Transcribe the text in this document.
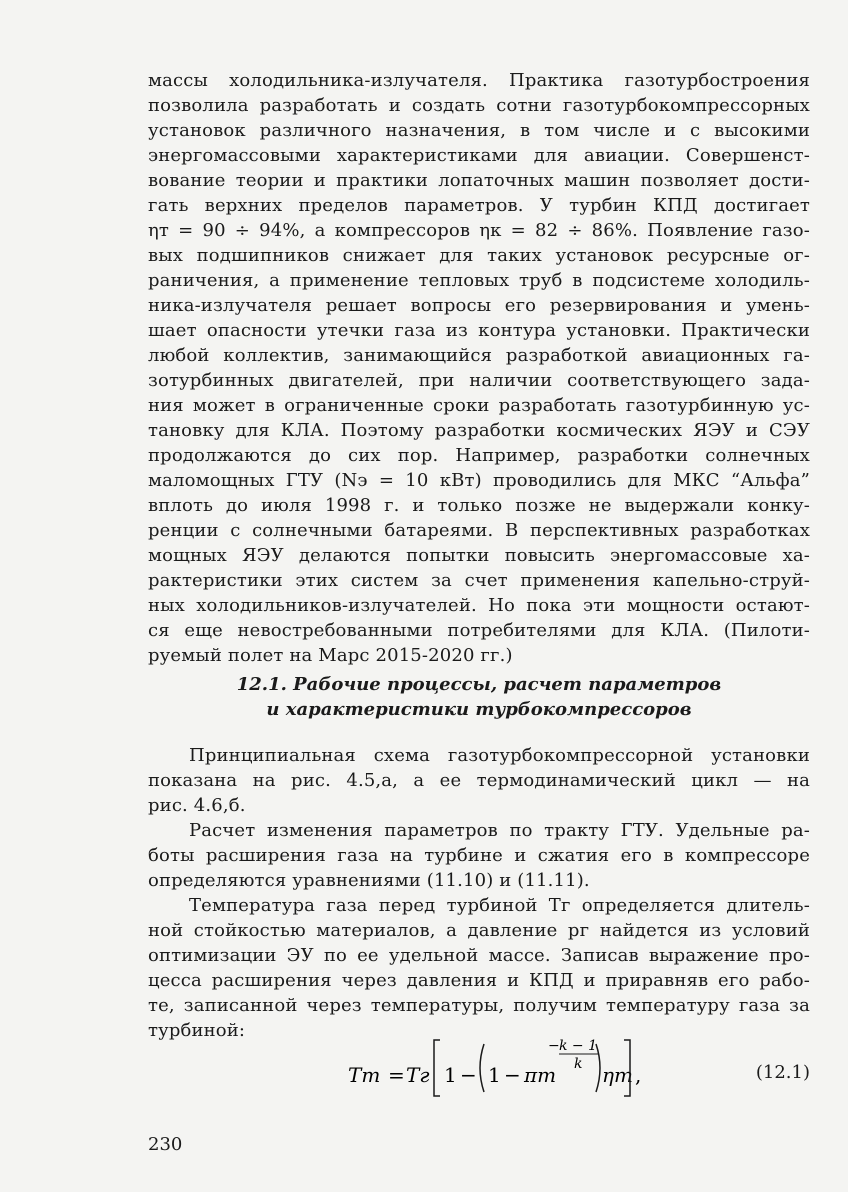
массы холодильника-излучателя. Практика газотурбостроения
позволила разработать и создать сотни газотурбокомпрессорных
установок различного назначения, в том числе и с высокими
энергомассовыми характеристиками для авиации. Совершенст-
вование теории и практики лопаточных машин позволяет дости-
гать верхних пределов параметров. У турбин КПД достигает
ηт = 90 ÷ 94%, а компрессоров ηк = 82 ÷ 86%. Появление газо-
вых подшипников снижает для таких установок ресурсные ог-
раничения, а применение тепловых труб в подсистеме холодиль-
ника-излучателя решает вопросы его резервирования и умень-
шает опасности утечки газа из контура установки. Практически
любой коллектив, занимающийся разработкой авиационных га-
зотурбинных двигателей, при наличии соответствующего зада-
ния может в ограниченные сроки разработать газотурбинную ус-
тановку для КЛА. Поэтому разработки космических ЯЭУ и СЭУ
продолжаются до сих пор. Например, разработки солнечных
маломощных ГТУ (Nэ = 10 кВт) проводились для МКС “Альфа”
вплоть до июля 1998 г. и только позже не выдержали конку-
ренции с солнечными батареями. В перспективных разработках
мощных ЯЭУ делаются попытки повысить энергомассовые ха-
рактеристики этих систем за счет применения капельно-струй-
ных холодильников-излучателей. Но пока эти мощности остают-
ся еще невостребованными потребителями для КЛА. (Пилоти-
руемый полет на Марс 2015-2020 гг.)
12.1. Рабочие процессы, расчет параметров
и характеристики турбокомпрессоров
Принципиальная схема газотурбокомпрессорной установки
показана на рис. 4.5,а, а ее термодинамический цикл — на
рис. 4.6,б.
Расчет изменения параметров по тракту ГТУ. Удельные ра-
боты расширения газа на турбине и сжатия его в компрессоре
определяются уравнениями (11.10) и (11.11).
Температура газа перед турбиной Tг определяется длитель-
ной стойкостью материалов, а давление pг найдется из условий
оптимизации ЭУ по ее удельной массе. Записав выражение про-
цесса расширения через давления и КПД и приравняв его рабо-
те, записанной через температуры, получим температуру газа за
турбиной:
Tт = Tг 1 − 1 − πт
− k − 1
k ηт ,	(12.1)
230
